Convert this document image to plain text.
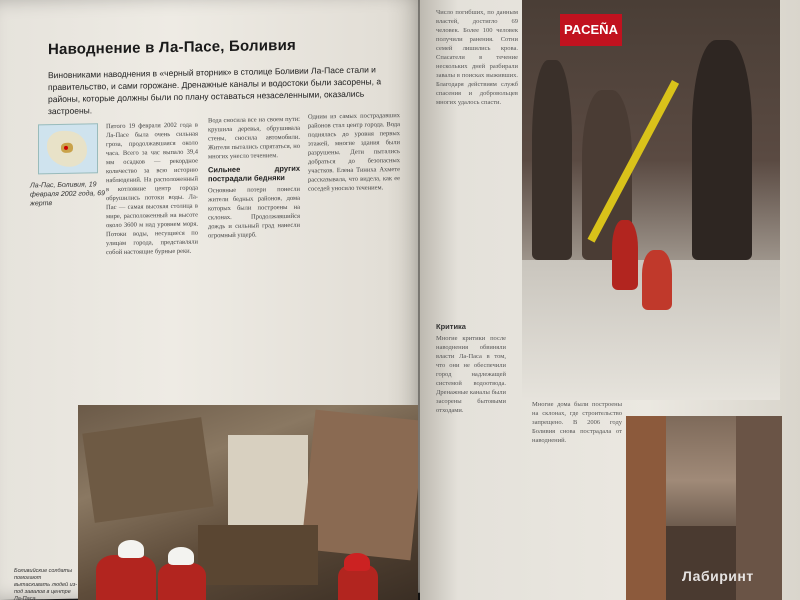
Наводнение в Ла-Пасе, Боливия
Виновниками наводнения в «черный вторник» в столице Боливии Ла-Пасе стали и правительство, и сами горожане. Дренажные каналы и водостоки были засорены, а районы, которые должны были по плану оставаться незаселенными, оказались застроены.
Ла-Пас, Боливия, 19 февраля 2002 года, 69 жертв

Пятого 19 февраля 2002 года в Ла-Пасе была очень сильная гроза, продолжавшаяся около часа. Всего за час выпало 39,4 мм осадков — рекордное количество за всю историю наблюдений. На расположенный в котловине центр города обрушились потоки воды. Ла-Пас — самая высокая столица в мире, расположенный на высоте около 3600 м над уровнем моря. Потоки воды, несущиеся по улицам города, представляли собой настоящие бурные реки.

Вода сносила все на своем пути: крушила деревья, обрушивала стены, сносила автомобили. Жители пытались спрятаться, но многих унесло течением.

Сильнее других пострадали бедняки

Основные потери понесли жители бедных районов, дома которых были построены на склонах. Продолжавшийся дождь и сильный град нанесли огромный ущерб.

Одним из самых пострадавших районов стал центр города. Вода поднялась до уровня первых этажей, многие здания были разрушены. Дети пытались добраться до безопасных участков. Елена Тиниха Ахмете рассказывала, что видела, как ее соседей уносило течением.

Боливийские солдаты помогают вытаскивать людей из-под завалов в центре Ла-Паса

Число погибших, по данным властей, достигло 69 человек. Более 100 человек получили ранения. Сотни семей лишились крова. Спасатели в течение нескольких дней разбирали завалы в поисках выживших. Благодаря действиям служб спасения и добровольцев многих удалось спасти.

Критика

Многие критики после наводнения обвиняли власти Ла-Паса в том, что они не обеспечили город надлежащей системой водоотвода. Дренажные каналы были засорены бытовыми отходами.

Многие дома были построены на склонах, где строительство запрещено. В 2006 году Боливия снова пострадала от наводнений.

PACEÑA
Лабиринт
